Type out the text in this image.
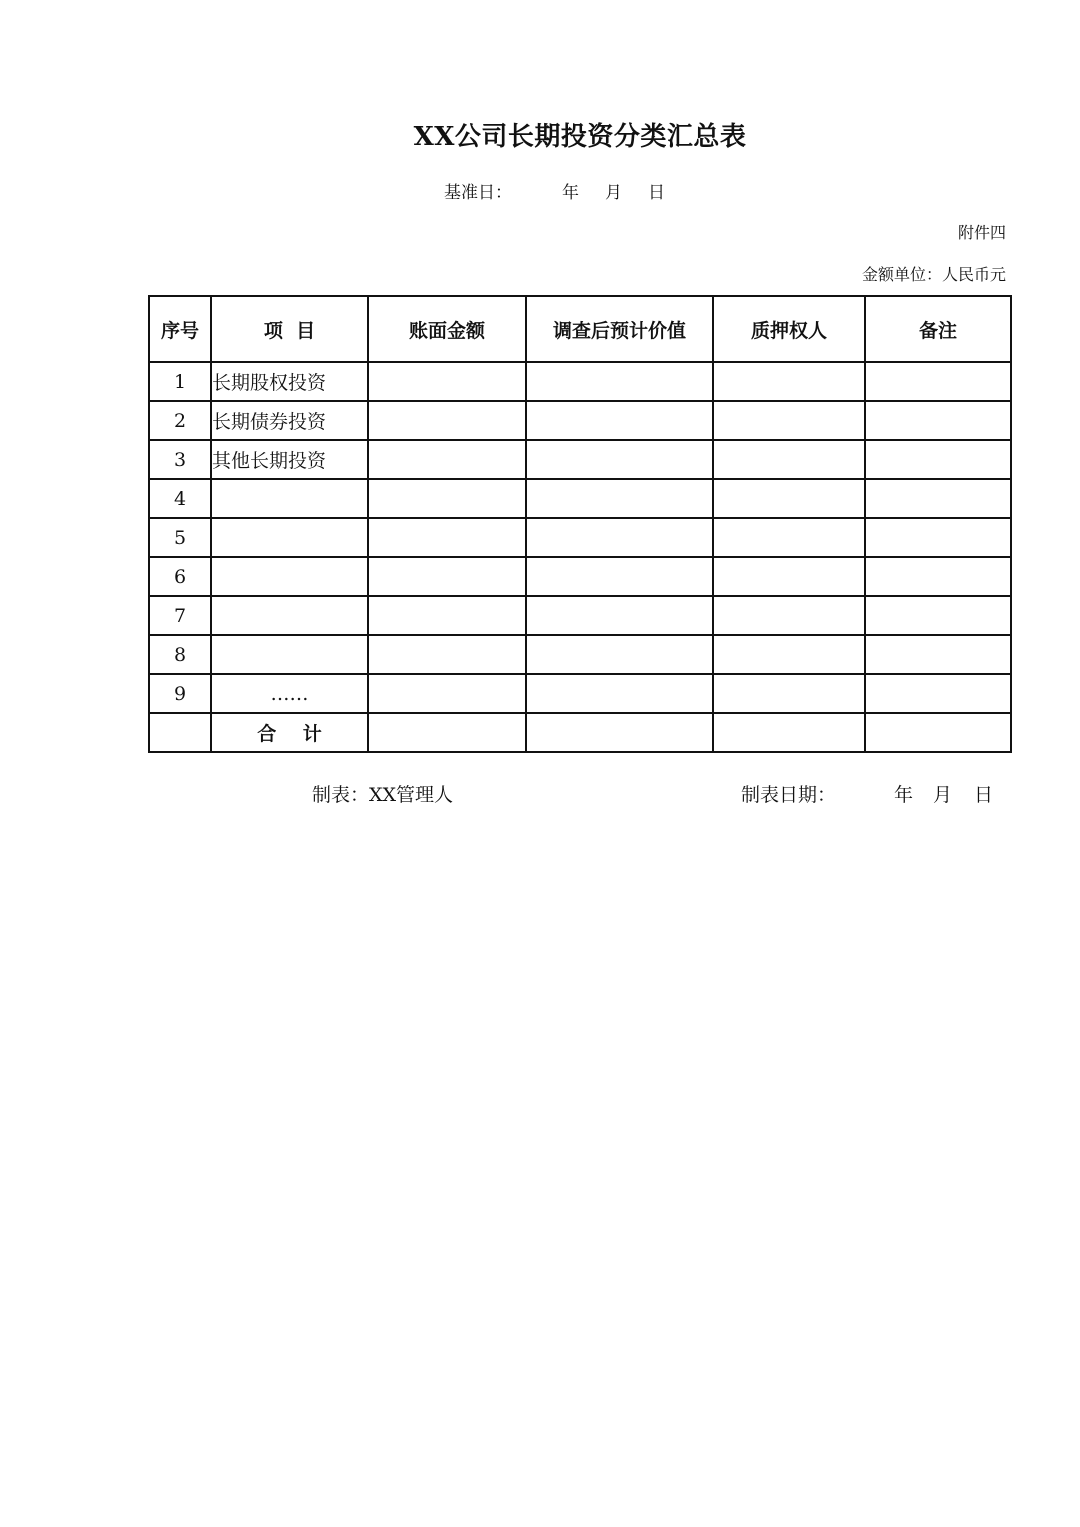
XX公司长期投资分类汇总表
基准日：	年 月 日
附件四
金额单位：人民币元
序号	项  目	账面金额	调查后预计价值	质押权人	备注
1	长期股权投资				
2	长期债券投资				
3	其他长期投资				
4					
5					
6					
7					
8					
9	……				
	合    计				
制表：XX管理人	制表日期：	年 月 日
